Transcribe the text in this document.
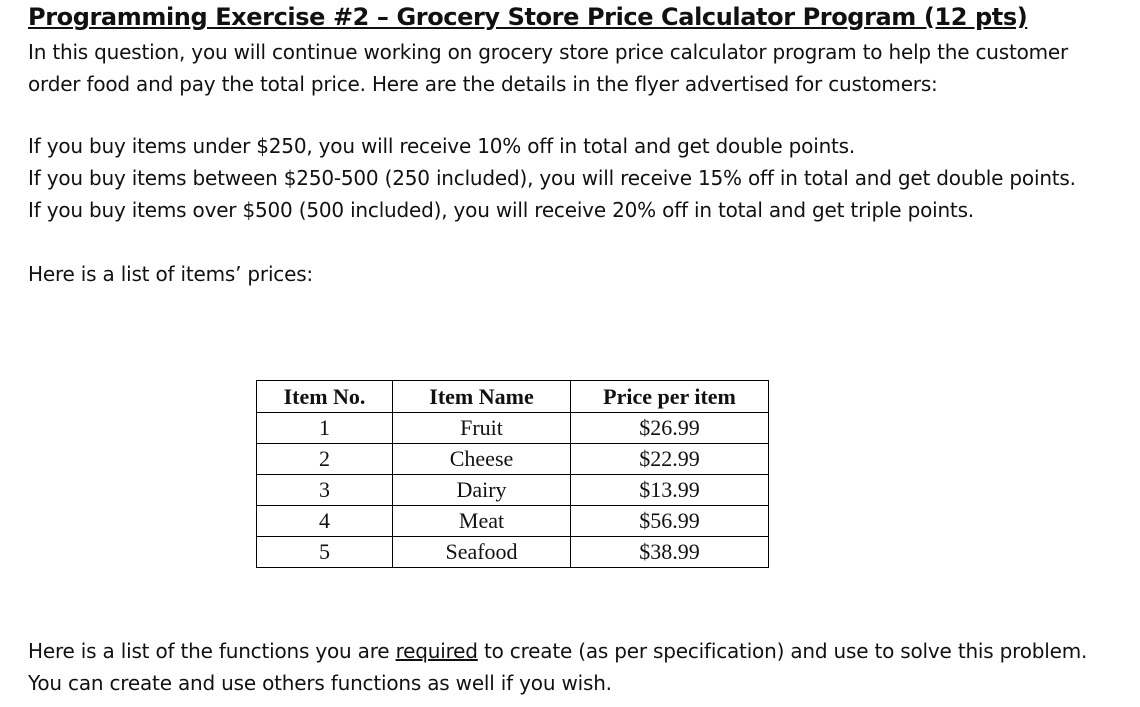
Programming Exercise #2 – Grocery Store Price Calculator Program (12 pts)

In this question, you will continue working on grocery store price calculator program to help the customer order food and pay the total price. Here are the details in the flyer advertised for customers:

If you buy items under $250, you will receive 10% off in total and get double points.

If you buy items between $250-500 (250 included), you will receive 15% off in total and get double points.

If you buy items over $500 (500 included), you will receive 20% off in total and get triple points.

Here is a list of items’ prices:

Item No.	Item Name	Price per item
1	Fruit	$26.99
2	Cheese	$22.99
3	Dairy	$13.99
4	Meat	$56.99
5	Seafood	$38.99

Here is a list of the functions you are required to create (as per specification) and use to solve this problem. You can create and use others functions as well if you wish.
